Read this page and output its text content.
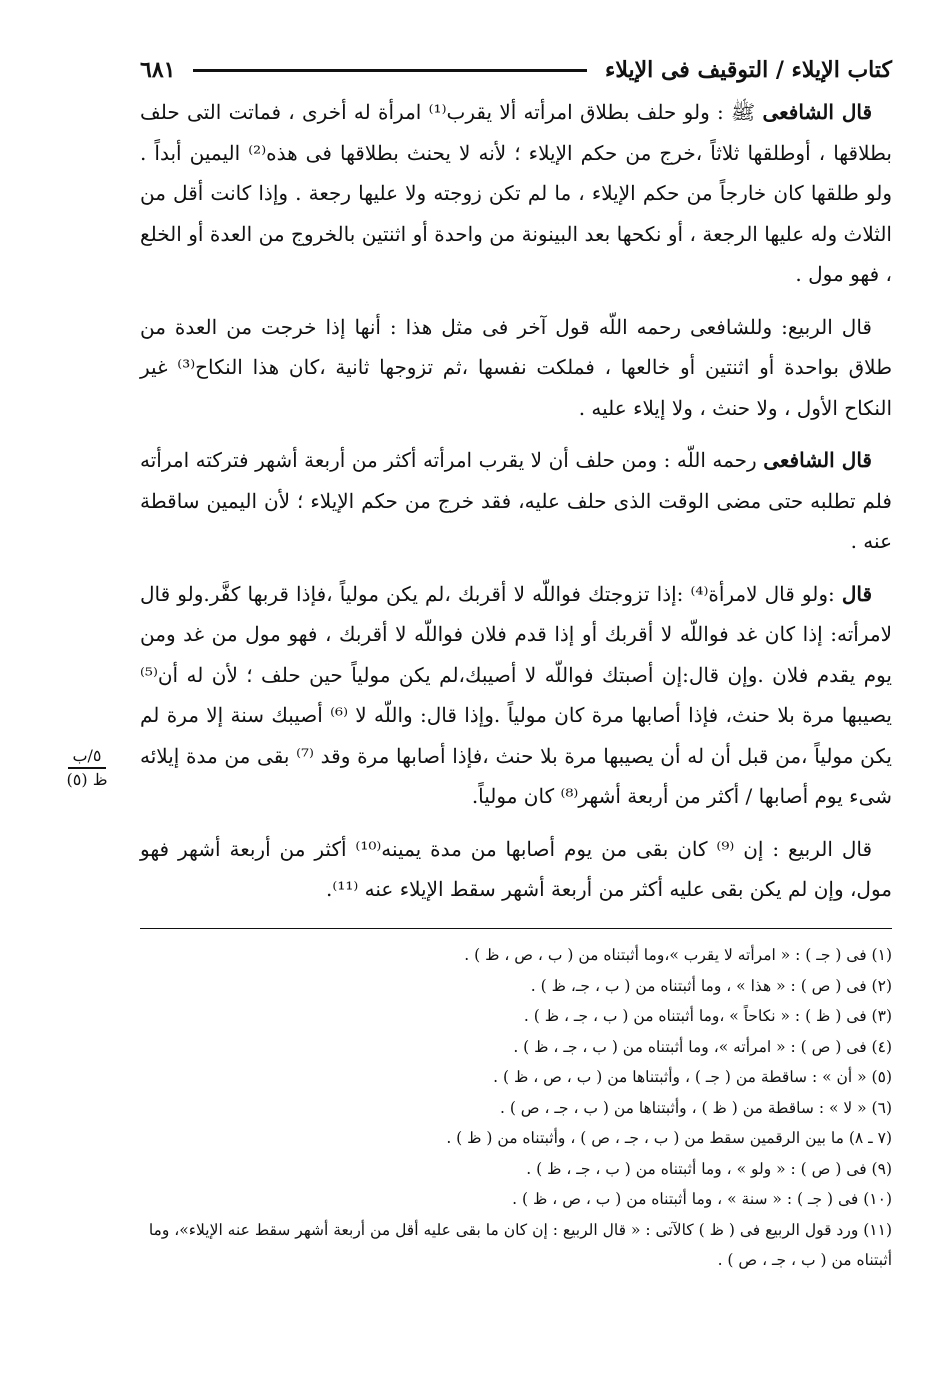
٦٨١	كتاب الإيلاء / التوقيف فى الإيلاء

قال الشافعى ﷺ : ولو حلف بطلاق امرأته ألا يقرب⁽¹⁾ امرأة له أخرى ، فماتت التى حلف بطلاقها ، أوطلقها ثلاثاً ،خرج من حكم الإيلاء ؛ لأنه لا يحنث بطلاقها فى هذه⁽²⁾ اليمين أبداً . ولو طلقها كان خارجاً من حكم الإيلاء ، ما لم تكن زوجته ولا عليها رجعة . وإذا كانت أقل من الثلاث وله عليها الرجعة ، أو نكحها بعد البينونة من واحدة أو اثنتين بالخروج من العدة أو الخلع ، فهو مول .

قال الربيع: وللشافعى رحمه اللّه قول آخر فى مثل هذا : أنها إذا خرجت من العدة من طلاق بواحدة أو اثنتين أو خالعها ، فملكت نفسها ،ثم تزوجها ثانية ،كان هذا النكاح⁽³⁾ غير النكاح الأول ، ولا حنث ، ولا إيلاء عليه .

قال الشافعى رحمه اللّه : ومن حلف أن لا يقرب امرأته أكثر من أربعة أشهر فتركته امرأته فلم تطلبه حتى مضى الوقت الذى حلف عليه، فقد خرج من حكم الإيلاء ؛ لأن اليمين ساقطة عنه .

قال :ولو قال لامرأة⁽⁴⁾ :إذا تزوجتك فواللّه لا أقربك ،لم يكن مولياً ،فإذا قربها كفَّر.ولو قال لامرأته: إذا كان غد فواللّه لا أقربك أو إذا قدم فلان فواللّه لا أقربك ، فهو مول من غد ومن يوم يقدم فلان .وإن قال:إن أصبتك فواللّه لا أصيبك،لم يكن مولياً حين حلف ؛ لأن له أن⁽⁵⁾ يصيبها مرة بلا حنث، فإذا أصابها مرة كان مولياً .وإذا قال: واللّه لا ⁽⁶⁾ أصيبك سنة إلا مرة لم يكن مولياً ،من قبل أن له أن يصيبها مرة بلا حنث ،فإذا أصابها مرة وقد ⁽⁷⁾ بقى من مدة إيلائه شىء يوم أصابها / أكثر من أربعة أشهر⁽⁸⁾ كان مولياً.

قال الربيع : إن ⁽⁹⁾ كان بقى من يوم أصابها من مدة يمينه⁽¹⁰⁾ أكثر من أربعة أشهر فهو مول، وإن لم يكن بقى عليه أكثر من أربعة أشهر سقط الإيلاء عنه ⁽¹¹⁾.

٥/ب
ظ (٥)

(١) فى ( جـ ) : « امرأته لا يقرب »،وما أثبتناه من ( ب ، ص ، ظ ) .

(٢) فى ( ص ) : « هذا » ، وما أثبتناه من ( ب ، جـ، ظ ) .

(٣) فى ( ظ ) : « نكاحاً » ،وما أثبتناه من ( ب ، جـ ، ظ ) .

(٤) فى ( ص ) : « امرأته »، وما أثبتناه من ( ب ، جـ ، ظ ) .

(٥) « أن » : ساقطة من ( جـ ) ، وأثبتناها من ( ب ، ص ، ظ ) .

(٦) « لا » : ساقطة من ( ظ ) ، وأثبتناها من ( ب ، جـ ، ص ) .

(٧ ـ ٨) ما بين الرقمين سقط من ( ب ، جـ ، ص ) ، وأثبتناه من ( ظ ) .

(٩) فى ( ص ) : « ولو » ، وما أثبتناه من ( ب ، جـ ، ظ ) .

(١٠) فى ( جـ ) : « سنة » ، وما أثبتناه من ( ب ، ص ، ظ ) .

(١١) ورد قول الربيع فى ( ظ ) كالآتى : « قال الربيع : إن كان ما بقى عليه أقل من أربعة أشهر سقط عنه الإيلاء»، وما أثبتناه من ( ب ، جـ ، ص ) .
